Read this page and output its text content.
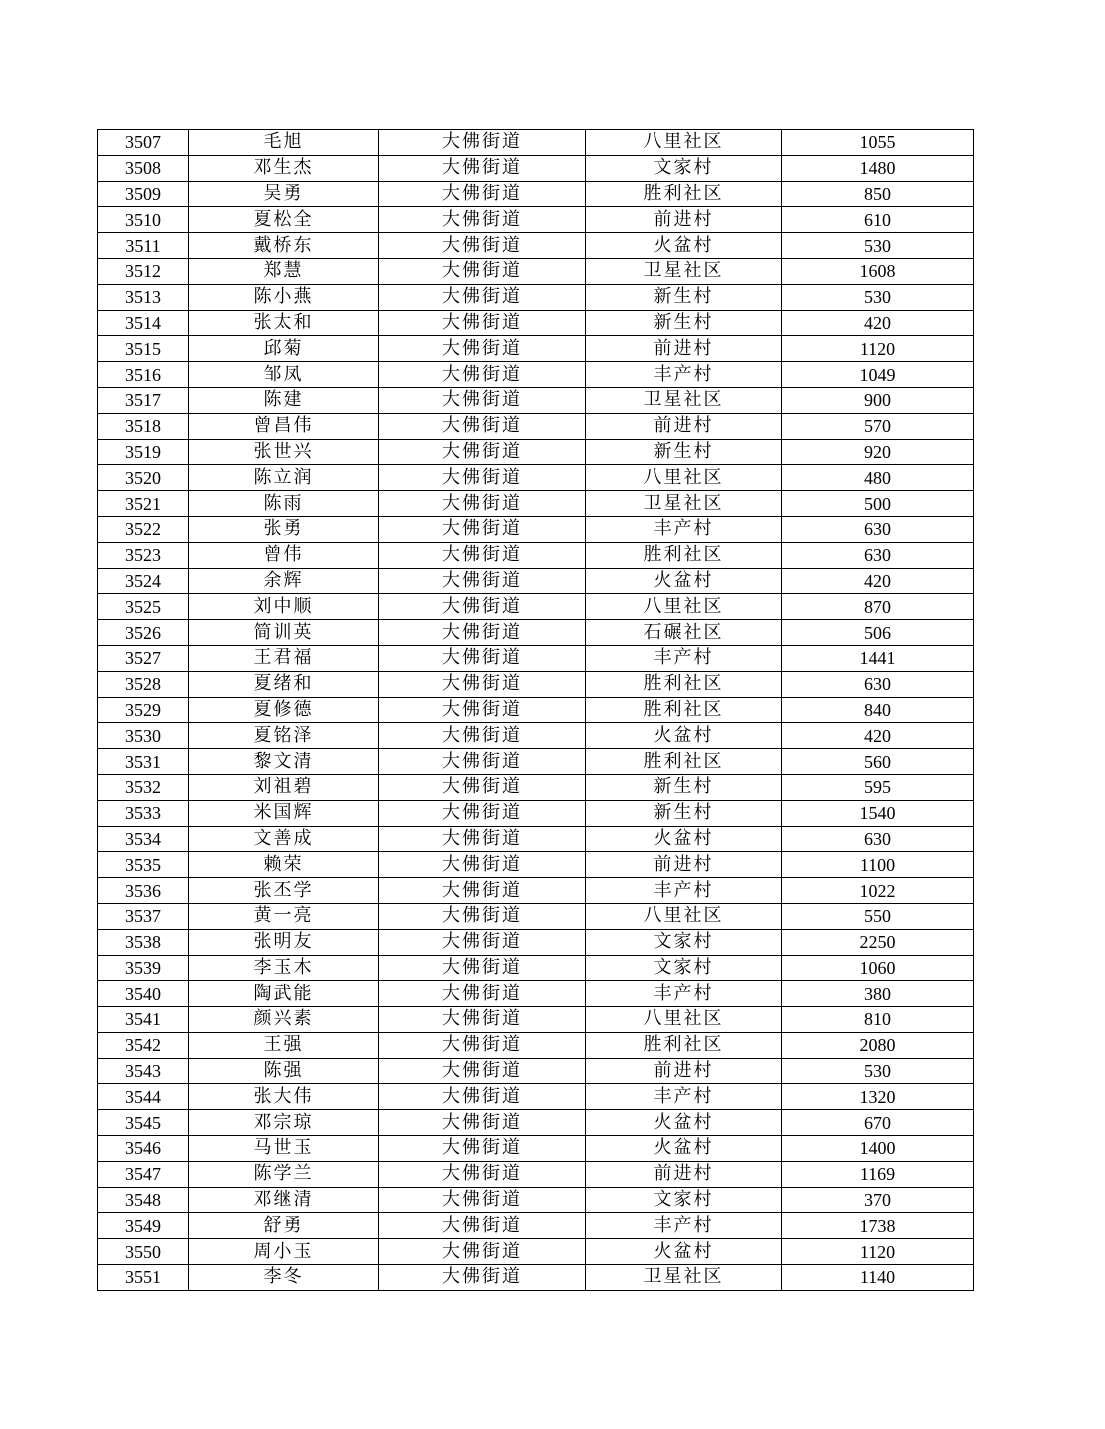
3507	毛旭	大佛街道	八里社区	1055
3508	邓生杰	大佛街道	文家村	1480
3509	吴勇	大佛街道	胜利社区	850
3510	夏松全	大佛街道	前进村	610
3511	戴桥东	大佛街道	火盆村	530
3512	郑慧	大佛街道	卫星社区	1608
3513	陈小燕	大佛街道	新生村	530
3514	张太和	大佛街道	新生村	420
3515	邱菊	大佛街道	前进村	1120
3516	邹凤	大佛街道	丰产村	1049
3517	陈建	大佛街道	卫星社区	900
3518	曾昌伟	大佛街道	前进村	570
3519	张世兴	大佛街道	新生村	920
3520	陈立润	大佛街道	八里社区	480
3521	陈雨	大佛街道	卫星社区	500
3522	张勇	大佛街道	丰产村	630
3523	曾伟	大佛街道	胜利社区	630
3524	余辉	大佛街道	火盆村	420
3525	刘中顺	大佛街道	八里社区	870
3526	简训英	大佛街道	石碾社区	506
3527	王君福	大佛街道	丰产村	1441
3528	夏绪和	大佛街道	胜利社区	630
3529	夏修德	大佛街道	胜利社区	840
3530	夏铭泽	大佛街道	火盆村	420
3531	黎文清	大佛街道	胜利社区	560
3532	刘祖碧	大佛街道	新生村	595
3533	米国辉	大佛街道	新生村	1540
3534	文善成	大佛街道	火盆村	630
3535	赖荣	大佛街道	前进村	1100
3536	张丕学	大佛街道	丰产村	1022
3537	黄一亮	大佛街道	八里社区	550
3538	张明友	大佛街道	文家村	2250
3539	李玉木	大佛街道	文家村	1060
3540	陶武能	大佛街道	丰产村	380
3541	颜兴素	大佛街道	八里社区	810
3542	王强	大佛街道	胜利社区	2080
3543	陈强	大佛街道	前进村	530
3544	张大伟	大佛街道	丰产村	1320
3545	邓宗琼	大佛街道	火盆村	670
3546	马世玉	大佛街道	火盆村	1400
3547	陈学兰	大佛街道	前进村	1169
3548	邓继清	大佛街道	文家村	370
3549	舒勇	大佛街道	丰产村	1738
3550	周小玉	大佛街道	火盆村	1120
3551	李冬	大佛街道	卫星社区	1140
